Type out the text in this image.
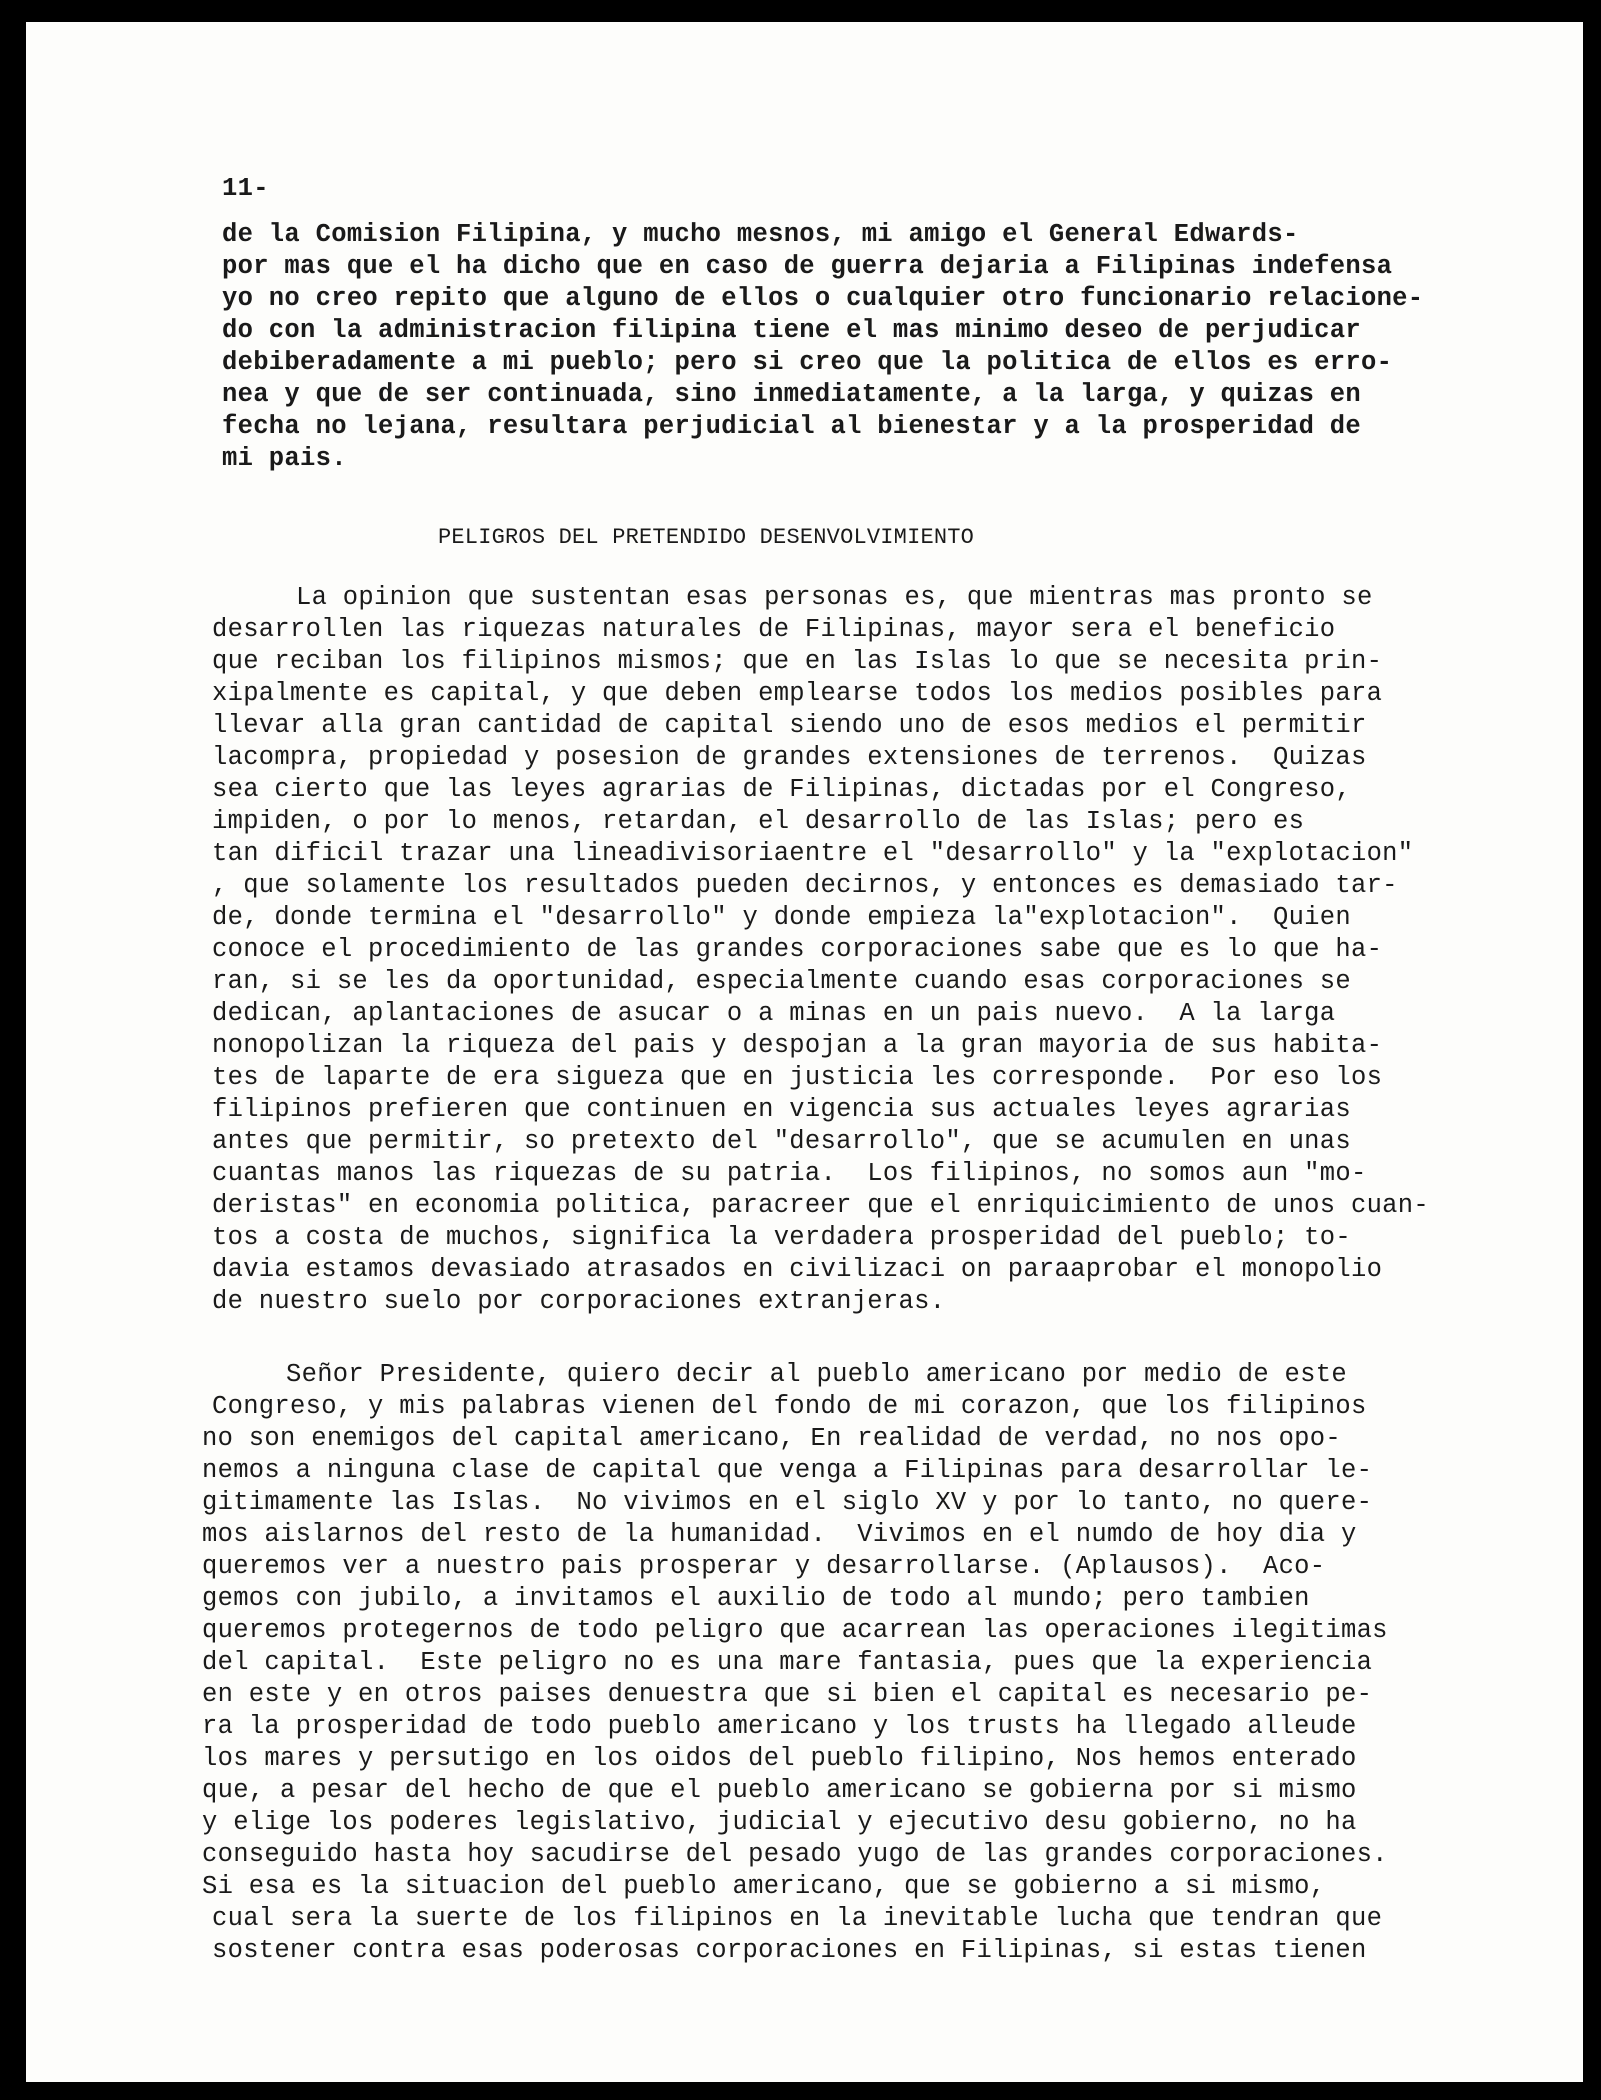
11-

de la Comision Filipina, y mucho mesnos, mi amigo el General Edwards-

por mas que el ha dicho que en caso de guerra dejaria a Filipinas indefensa

yo no creo repito que alguno de ellos o cualquier otro funcionario relacione-

do con la administracion filipina tiene el mas minimo deseo de perjudicar

debiberadamente a mi pueblo; pero si creo que la politica de ellos es erro-

nea y que de ser continuada, sino inmediatamente, a la larga, y quizas en

fecha no lejana, resultara perjudicial al bienestar y a la prosperidad de

mi pais.

PELIGROS DEL PRETENDIDO DESENVOLVIMIENTO

La opinion que sustentan esas personas es, que mientras mas pronto se

desarrollen las riquezas naturales de Filipinas, mayor sera el beneficio

que reciban los filipinos mismos; que en las Islas lo que se necesita prin-

xipalmente es capital, y que deben emplearse todos los medios posibles para

llevar alla gran cantidad de capital siendo uno de esos medios el permitir

lacompra, propiedad y posesion de grandes extensiones de terrenos.  Quizas

sea cierto que las leyes agrarias de Filipinas, dictadas por el Congreso,

impiden, o por lo menos, retardan, el desarrollo de las Islas; pero es

tan dificil trazar una lineadivisoriaentre el "desarrollo" y la "explotacion"

, que solamente los resultados pueden decirnos, y entonces es demasiado tar-

de, donde termina el "desarrollo" y donde empieza la"explotacion".  Quien

conoce el procedimiento de las grandes corporaciones sabe que es lo que ha-

ran, si se les da oportunidad, especialmente cuando esas corporaciones se

dedican, aplantaciones de asucar o a minas en un pais nuevo.  A la larga

nonopolizan la riqueza del pais y despojan a la gran mayoria de sus habita-

tes de laparte de era sigueza que en justicia les corresponde.  Por eso los

filipinos prefieren que continuen en vigencia sus actuales leyes agrarias

antes que permitir, so pretexto del "desarrollo", que se acumulen en unas

cuantas manos las riquezas de su patria.  Los filipinos, no somos aun "mo-

deristas" en economia politica, paracreer que el enriquicimiento de unos cuan-

tos a costa de muchos, significa la verdadera prosperidad del pueblo; to-

davia estamos devasiado atrasados en civilizaci on paraaprobar el monopolio

de nuestro suelo por corporaciones extranjeras.

Señor Presidente, quiero decir al pueblo americano por medio de este

Congreso, y mis palabras vienen del fondo de mi corazon, que los filipinos

no son enemigos del capital americano, En realidad de verdad, no nos opo-

nemos a ninguna clase de capital que venga a Filipinas para desarrollar le-

gitimamente las Islas.  No vivimos en el siglo XV y por lo tanto, no quere-

mos aislarnos del resto de la humanidad.  Vivimos en el numdo de hoy dia y

queremos ver a nuestro pais prosperar y desarrollarse. (Aplausos).  Aco-

gemos con jubilo, a invitamos el auxilio de todo al mundo; pero tambien

queremos protegernos de todo peligro que acarrean las operaciones ilegitimas

del capital.  Este peligro no es una mare fantasia, pues que la experiencia

en este y en otros paises denuestra que si bien el capital es necesario pe-

ra la prosperidad de todo pueblo americano y los trusts ha llegado alleude

los mares y persutigo en los oidos del pueblo filipino, Nos hemos enterado

que, a pesar del hecho de que el pueblo americano se gobierna por si mismo

y elige los poderes legislativo, judicial y ejecutivo desu gobierno, no ha

conseguido hasta hoy sacudirse del pesado yugo de las grandes corporaciones.

Si esa es la situacion del pueblo americano, que se gobierno a si mismo,

cual sera la suerte de los filipinos en la inevitable lucha que tendran que

sostener contra esas poderosas corporaciones en Filipinas, si estas tienen
